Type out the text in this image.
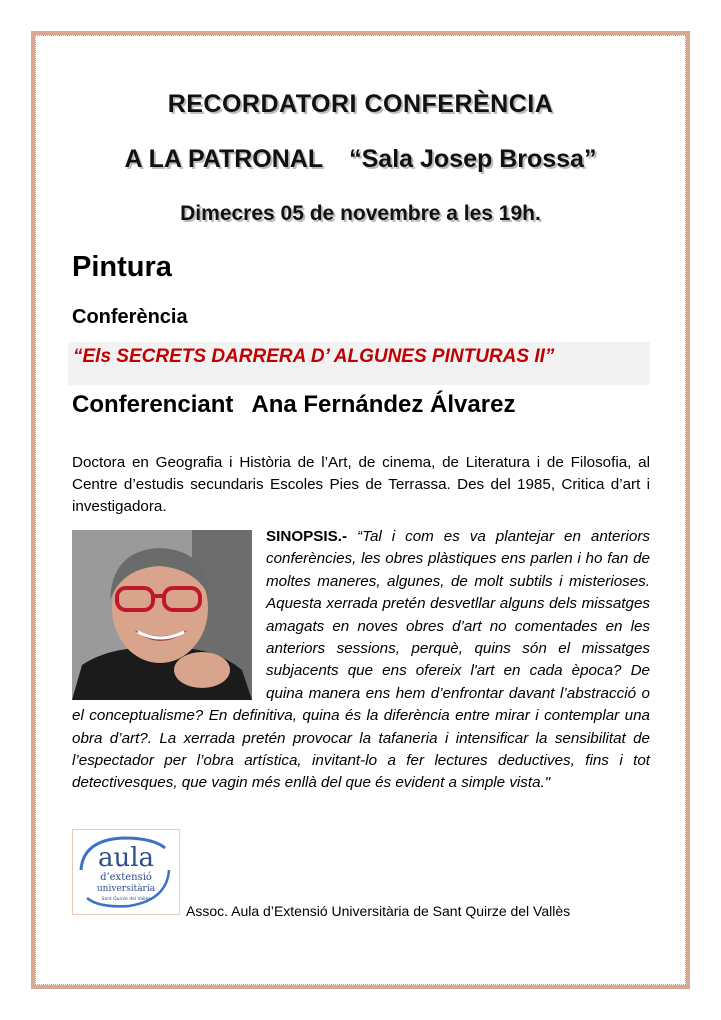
RECORDATORI CONFERÈNCIA
A LA PATRONAL “Sala Josep Brossa”
Dimecres 05 de novembre a les 19h.
Pintura
Conferència
“Els SECRETS DARRERA D’ ALGUNES PINTURAS II”
Conferenciant Ana Fernández Álvarez
Doctora en Geografia i Història de l’Art, de cinema, de Literatura i de Filosofia, al Centre d’estudis secundaris Escoles Pies de Terrassa. Des del 1985, Critica d’art i investigadora.
SINOPSIS.- “Tal i com es va plantejar en anteriors conferències, les obres plàstiques ens parlen i ho fan de moltes maneres, algunes, de molt subtils i misterioses. Aquesta xerrada pretén desvetllar alguns dels missatges amagats en noves obres d’art no comentades en les anteriors sessions, perquè, quins són el missatges subjacents que ens ofereix l'art en cada època? De quina manera ens hem d’enfrontar davant l’abstracció o el conceptualisme? En definitiva, quina és la diferència entre mirar i contemplar una obra d’art?. La xerrada pretén provocar la tafaneria i intensificar la sensibilitat de l’espectador per l’obra artística, invitant-lo a fer lectures deductives, fins i tot detectivesques, que vagin més enllà del que és evident a simple vista."
aula
d’extensió
universitària
Sant Quirze del Vallès
Assoc. Aula d’Extensió Universitària de Sant Quirze del Vallès
